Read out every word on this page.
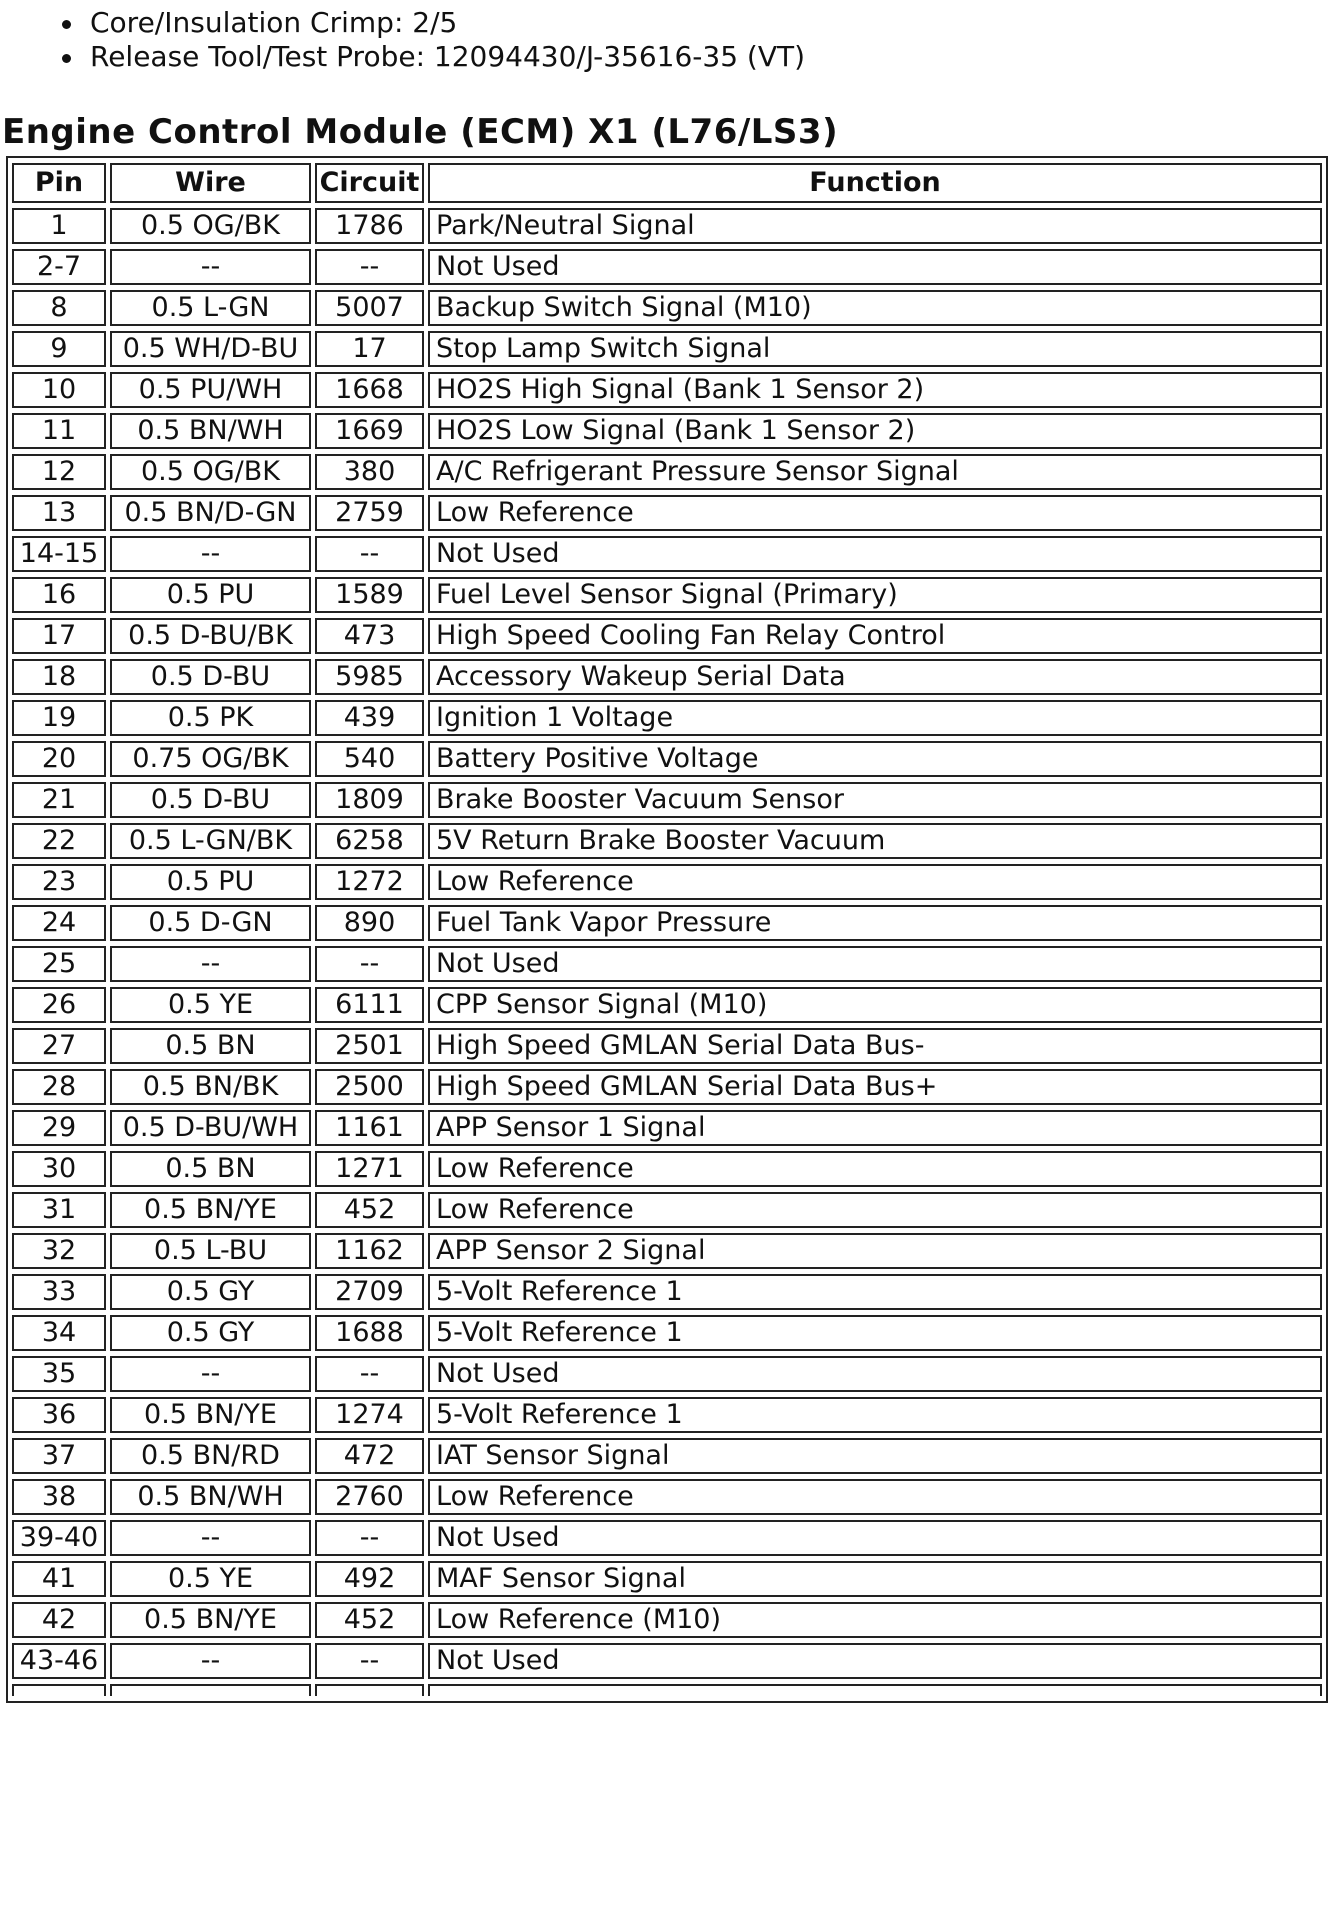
Core/Insulation Crimp: 2/5
Release Tool/Test Probe: 12094430/J-35616-35 (VT)
Engine Control Module (ECM) X1 (L76/LS3)
Pin	Wire	Circuit	Function
1	0.5 OG/BK	1786	Park/Neutral Signal
2-7	--	--	Not Used
8	0.5 L-GN	5007	Backup Switch Signal (M10)
9	0.5 WH/D-BU	17	Stop Lamp Switch Signal
10	0.5 PU/WH	1668	HO2S High Signal (Bank 1 Sensor 2)
11	0.5 BN/WH	1669	HO2S Low Signal (Bank 1 Sensor 2)
12	0.5 OG/BK	380	A/C Refrigerant Pressure Sensor Signal
13	0.5 BN/D-GN	2759	Low Reference
14-15	--	--	Not Used
16	0.5 PU	1589	Fuel Level Sensor Signal (Primary)
17	0.5 D-BU/BK	473	High Speed Cooling Fan Relay Control
18	0.5 D-BU	5985	Accessory Wakeup Serial Data
19	0.5 PK	439	Ignition 1 Voltage
20	0.75 OG/BK	540	Battery Positive Voltage
21	0.5 D-BU	1809	Brake Booster Vacuum Sensor
22	0.5 L-GN/BK	6258	5V Return Brake Booster Vacuum
23	0.5 PU	1272	Low Reference
24	0.5 D-GN	890	Fuel Tank Vapor Pressure
25	--	--	Not Used
26	0.5 YE	6111	CPP Sensor Signal (M10)
27	0.5 BN	2501	High Speed GMLAN Serial Data Bus-
28	0.5 BN/BK	2500	High Speed GMLAN Serial Data Bus+
29	0.5 D-BU/WH	1161	APP Sensor 1 Signal
30	0.5 BN	1271	Low Reference
31	0.5 BN/YE	452	Low Reference
32	0.5 L-BU	1162	APP Sensor 2 Signal
33	0.5 GY	2709	5-Volt Reference 1
34	0.5 GY	1688	5-Volt Reference 1
35	--	--	Not Used
36	0.5 BN/YE	1274	5-Volt Reference 1
37	0.5 BN/RD	472	IAT Sensor Signal
38	0.5 BN/WH	2760	Low Reference
39-40	--	--	Not Used
41	0.5 YE	492	MAF Sensor Signal
42	0.5 BN/YE	452	Low Reference (M10)
43-46	--	--	Not Used
